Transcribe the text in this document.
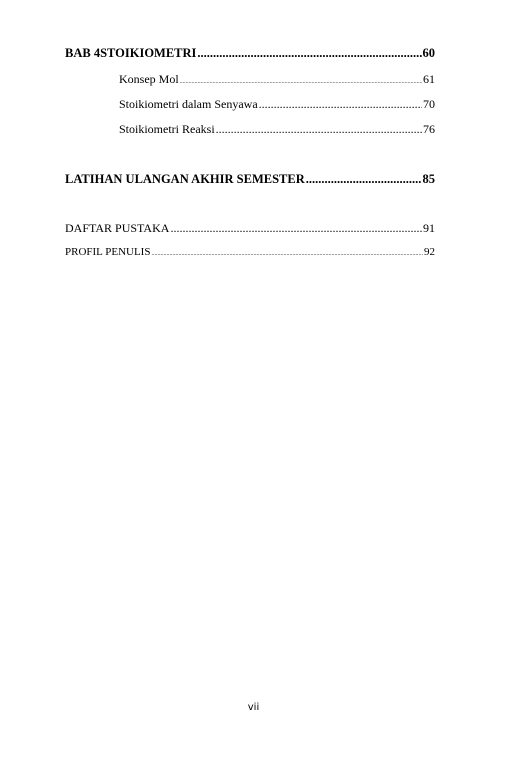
BAB 4 STOIKIOMETRI .....	60
Konsep Mol .....	61
Stoikiometri dalam Senyawa .....	70
Stoikiometri Reaksi .....	76
LATIHAN ULANGAN AKHIR SEMESTER .....	85
DAFTAR PUSTAKA .....	91
PROFIL PENULIS .....	92
vii
